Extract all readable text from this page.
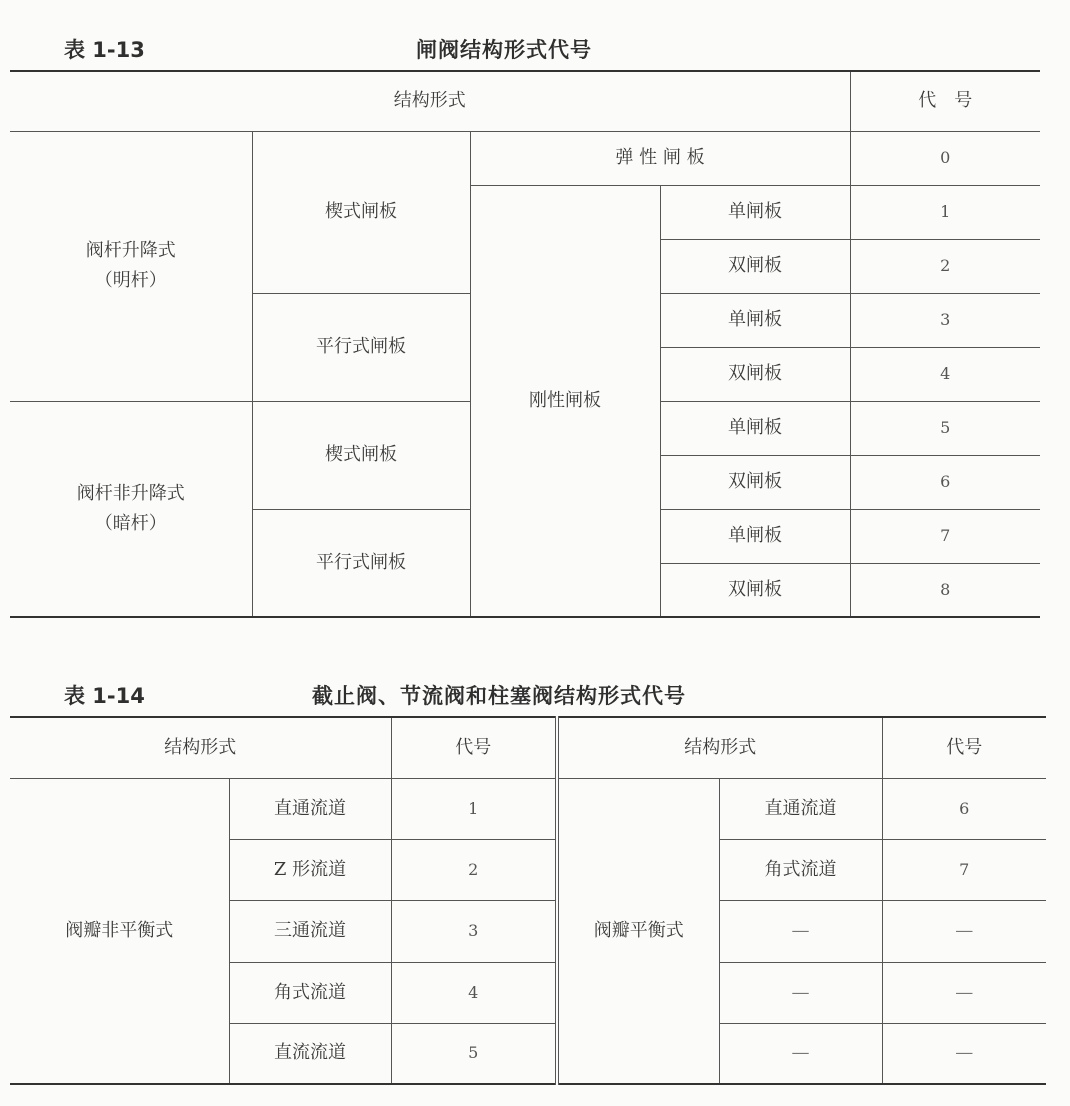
表 1-13	闸阀结构形式代号
结构形式				代　号

阀杆升降式
（明杆）	楔式闸板	弹 性 闸 板		0
		刚性闸板	单闸板	1
			双闸板	2
	平行式闸板		单闸板	3
			双闸板	4

阀杆非升降式
（暗杆）	楔式闸板		单闸板	5
			双闸板	6
	平行式闸板		单闸板	7
			双闸板	8
表 1-14	截止阀、节流阀和柱塞阀结构形式代号
结构形式		代号	结构形式		代号
阀瓣非平衡式	直通流道	1	阀瓣平衡式	直通流道	6
	Z 形流道	2		角式流道	7
	三通流道	3		—	—
	角式流道	4		—	—
	直流流道	5		—	—
